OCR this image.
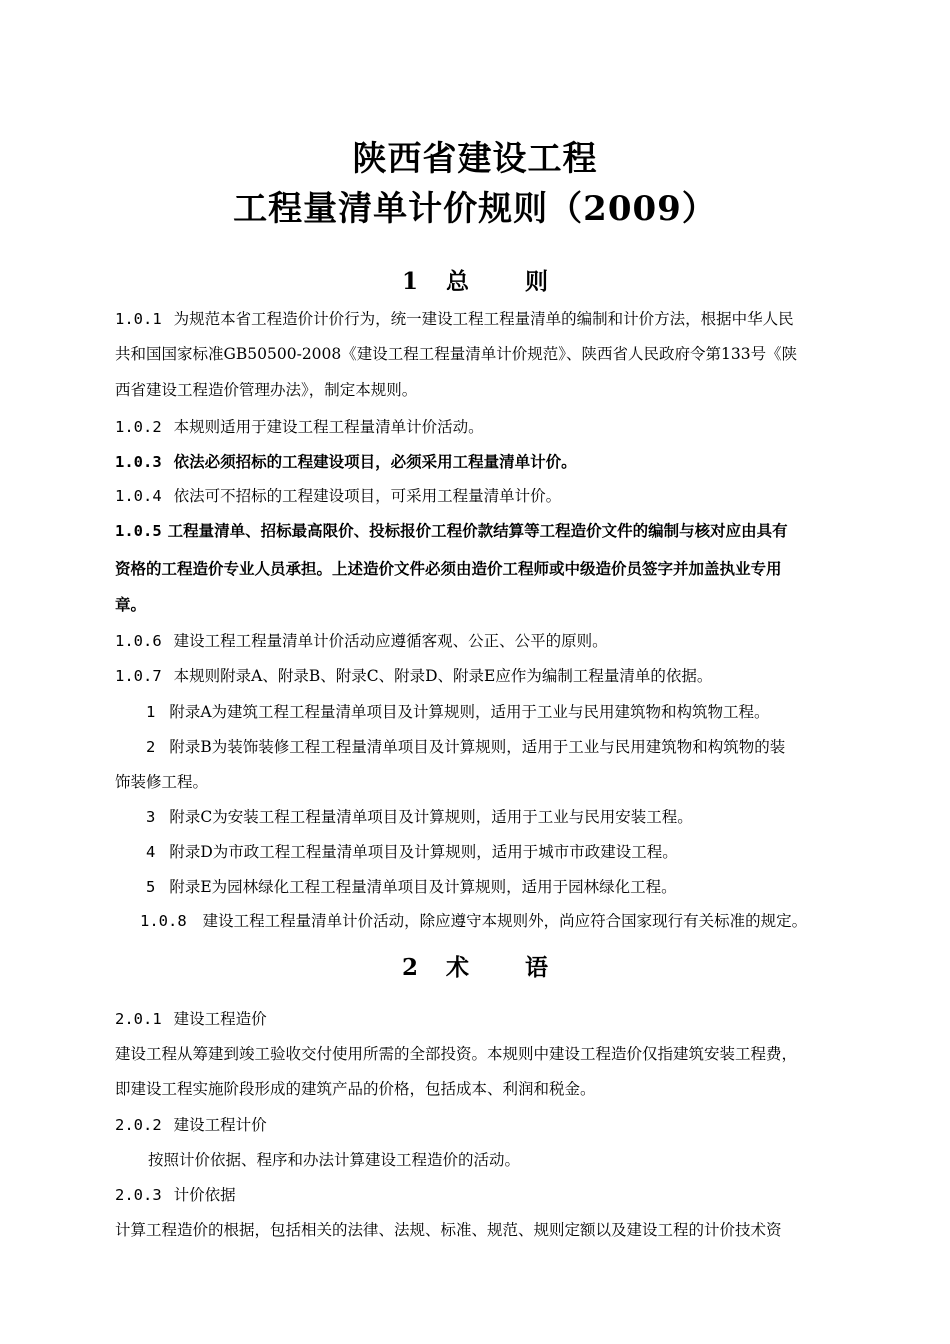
陕西省建设工程
工程量清单计价规则（2009）
1 总 则
1.0.1 为规范本省工程造价计价行为，统一建设工程工程量清单的编制和计价方法，根据中华人民
共和国国家标准GB50500-2008《建设工程工程量清单计价规范》、陕西省人民政府令第133号《陕
西省建设工程造价管理办法》，制定本规则。
1.0.2 本规则适用于建设工程工程量清单计价活动。
1.0.3 依法必须招标的工程建设项目，必须采用工程量清单计价。
1.0.4 依法可不招标的工程建设项目，可采用工程量清单计价。
1.0.5 工程量清单、招标最高限价、投标报价工程价款结算等工程造价文件的编制与核对应由具有
资格的工程造价专业人员承担。上述造价文件必须由造价工程师或中级造价员签字并加盖执业专用
章。
1.0.6 建设工程工程量清单计价活动应遵循客观、公正、公平的原则。
1.0.7 本规则附录A、附录B、附录C、附录D、附录E应作为编制工程量清单的依据。
1 附录A为建筑工程工程量清单项目及计算规则，适用于工业与民用建筑物和构筑物工程。
2 附录B为装饰装修工程工程量清单项目及计算规则，适用于工业与民用建筑物和构筑物的装
饰装修工程。
3 附录C为安装工程工程量清单项目及计算规则，适用于工业与民用安装工程。
4 附录D为市政工程工程量清单项目及计算规则，适用于城市市政建设工程。
5 附录E为园林绿化工程工程量清单项目及计算规则，适用于园林绿化工程。
1.0.8 建设工程工程量清单计价活动，除应遵守本规则外，尚应符合国家现行有关标准的规定。
2 术 语
2.0.1 建设工程造价
建设工程从筹建到竣工验收交付使用所需的全部投资。本规则中建设工程造价仅指建筑安装工程费，
即建设工程实施阶段形成的建筑产品的价格，包括成本、利润和税金。
2.0.2 建设工程计价
按照计价依据、程序和办法计算建设工程造价的活动。
2.0.3 计价依据
计算工程造价的根据，包括相关的法律、法规、标准、规范、规则定额以及建设工程的计价技术资
